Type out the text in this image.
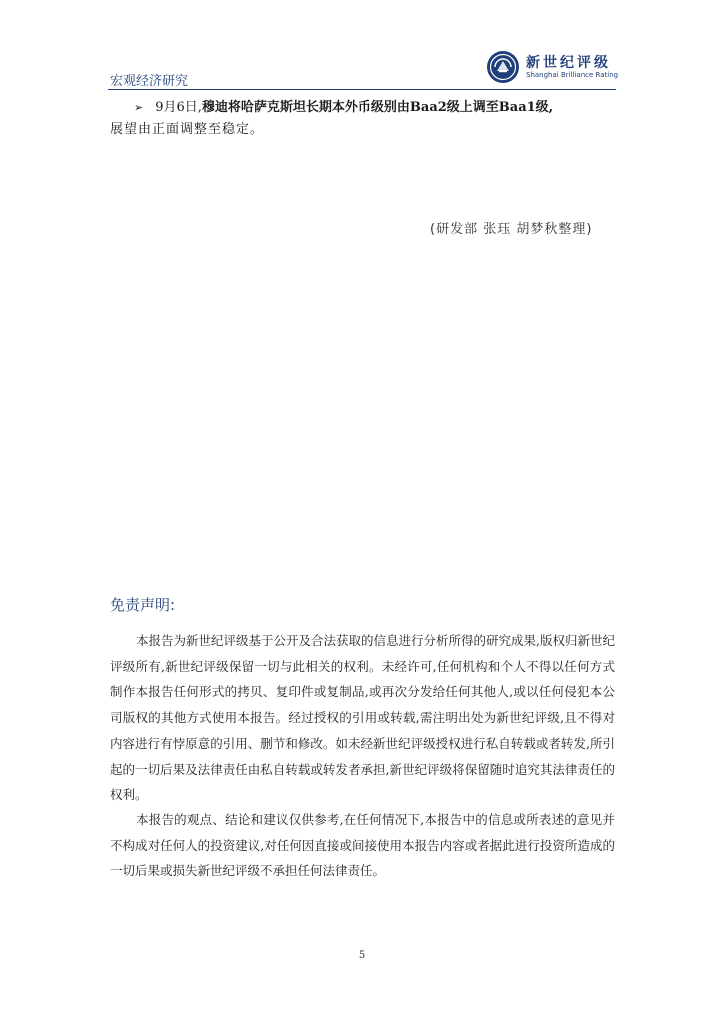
宏观经济研究
新世纪评级
Shanghai Brilliance Rating
➢ 9月6日,穆迪将哈萨克斯坦长期本外币级别由Baa2级上调至Baa1级,
展望由正面调整至稳定。
(研发部 张珏 胡梦秋整理)
免责声明:

本报告为新世纪评级基于公开及合法获取的信息进行分析所得的研究成果,版权归新世纪评级所有,新世纪评级保留一切与此相关的权利。未经许可,任何机构和个人不得以任何方式制作本报告任何形式的拷贝、复印件或复制品,或再次分发给任何其他人,或以任何侵犯本公司版权的其他方式使用本报告。经过授权的引用或转载,需注明出处为新世纪评级,且不得对内容进行有悖原意的引用、删节和修改。如未经新世纪评级授权进行私自转载或者转发,所引起的一切后果及法律责任由私自转载或转发者承担,新世纪评级将保留随时追究其法律责任的权利。

本报告的观点、结论和建议仅供参考,在任何情况下,本报告中的信息或所表述的意见并不构成对任何人的投资建议,对任何因直接或间接使用本报告内容或者据此进行投资所造成的一切后果或损失新世纪评级不承担任何法律责任。

5
